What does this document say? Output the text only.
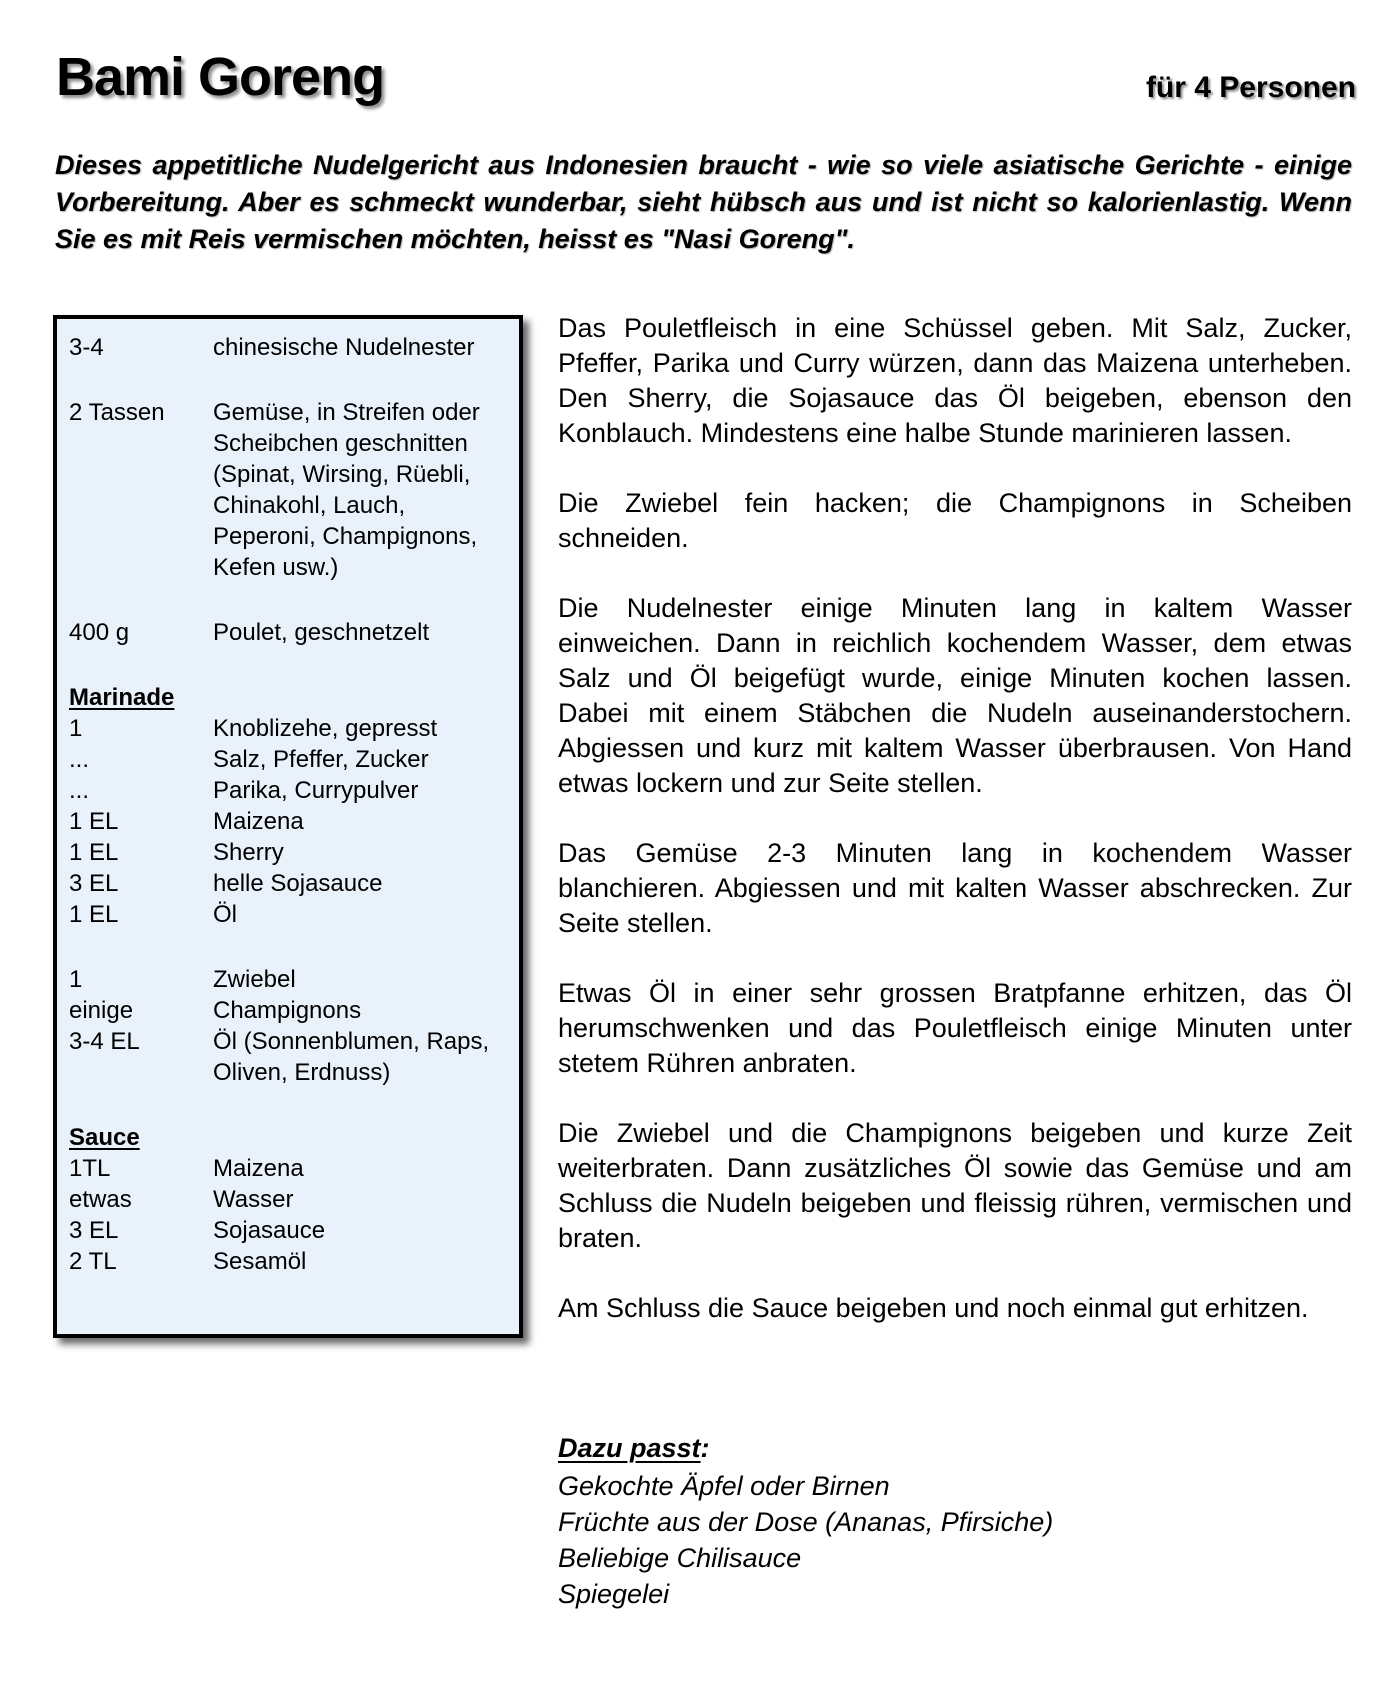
Bami Goreng	für 4 Personen
Dieses appetitliche Nudelgericht aus Indonesien braucht - wie so viele asiatische Gerichte - einige Vorbereitung. Aber es schmeckt wunderbar, sieht hübsch aus und ist nicht so kalorienlastig. Wenn Sie es mit Reis vermischen möchten, heisst es "Nasi Goreng".
3-4	chinesische Nudelnester
2 Tassen	Gemüse, in Streifen oder Scheibchen geschnitten (Spinat, Wirsing, Rüebli, Chinakohl, Lauch, Peperoni, Champignons, Kefen usw.)
400 g	Poulet, geschnetzelt
Marinade
1	Knoblizehe, gepresst
...	Salz, Pfeffer, Zucker
...	Parika, Currypulver
1 EL	Maizena
1 EL	Sherry
3 EL	helle Sojasauce
1 EL	Öl
1	Zwiebel
einige	Champignons
3-4 EL	Öl (Sonnenblumen, Raps, Oliven, Erdnuss)
Sauce
1TL	Maizena
etwas	Wasser
3 EL	Sojasauce
2 TL	Sesamöl

Das Pouletfleisch in eine Schüssel geben. Mit Salz, Zucker, Pfeffer, Parika und Curry würzen, dann das Maizena unterheben. Den Sherry, die Sojasauce das Öl beigeben, ebenson den Konblauch. Mindestens eine halbe Stunde marinieren lassen.

Die Zwiebel fein hacken; die Champignons in Scheiben schneiden.

Die Nudelnester einige Minuten lang in kaltem Wasser einweichen. Dann in reichlich kochendem Wasser, dem etwas Salz und Öl beigefügt wurde, einige Minuten kochen lassen. Dabei mit einem Stäbchen die Nudeln auseinanderstochern. Abgiessen und kurz mit kaltem Wasser überbrausen. Von Hand etwas lockern und zur Seite stellen.

Das Gemüse 2-3 Minuten lang in kochendem Wasser blanchieren. Abgiessen und mit kalten Wasser abschrecken. Zur Seite stellen.

Etwas Öl in einer sehr grossen Bratpfanne erhitzen, das Öl herumschwenken und das Pouletfleisch einige Minuten unter stetem Rühren anbraten.

Die Zwiebel und die Champignons beigeben und kurze Zeit weiterbraten. Dann zusätzliches Öl sowie das Gemüse und am Schluss die Nudeln beigeben und fleissig rühren, vermischen und braten.

Am Schluss die Sauce beigeben und noch einmal gut erhitzen.

Dazu passt:
Gekochte Äpfel oder Birnen
Früchte aus der Dose (Ananas, Pfirsiche)
Beliebige Chilisauce
Spiegelei
